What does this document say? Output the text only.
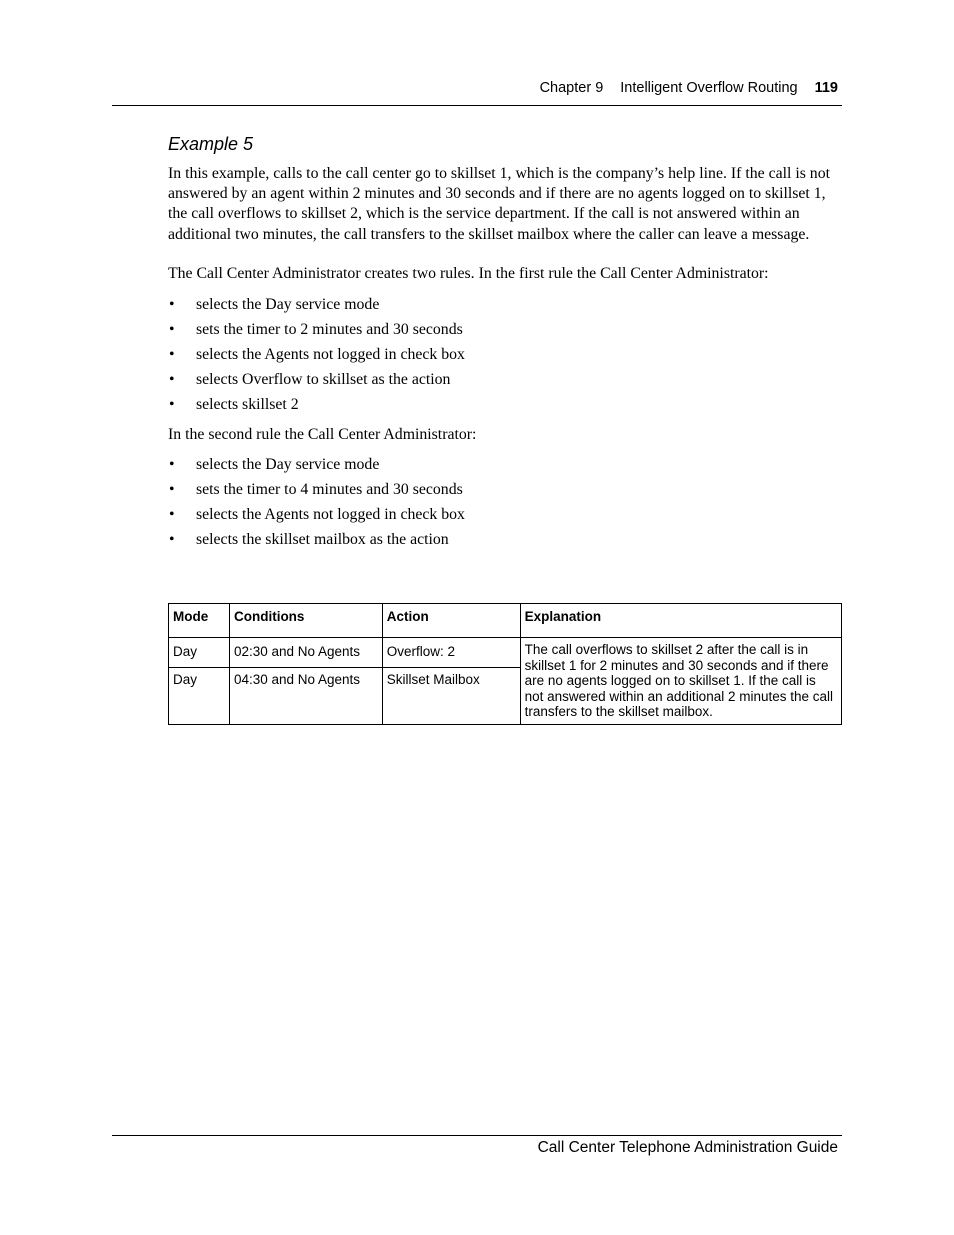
Chapter 9 Intelligent Overflow Routing 119
Example 5

In this example, calls to the call center go to skillset 1, which is the company’s help line. If the call is not answered by an agent within 2 minutes and 30 seconds and if there are no agents logged on to skillset 1, the call overflows to skillset 2, which is the service department. If the call is not answered within an additional two minutes, the call transfers to the skillset mailbox where the caller can leave a message.

The Call Center Administrator creates two rules. In the first rule the Call Center Administrator:

• selects the Day service mode
• sets the timer to 2 minutes and 30 seconds
• selects the Agents not logged in check box
• selects Overflow to skillset as the action
• selects skillset 2

In the second rule the Call Center Administrator:

• selects the Day service mode
• sets the timer to 4 minutes and 30 seconds
• selects the Agents not logged in check box
• selects the skillset mailbox as the action
Mode	Conditions	Action	Explanation
Day	02:30 and No Agents	Overflow: 2	The call overflows to skillset 2 after the call is in skillset 1 for 2 minutes and 30 seconds and if there are no agents logged on to skillset 1. If the call is not answered within an additional 2 minutes the call transfers to the skillset mailbox.
Day	04:30 and No Agents	Skillset Mailbox	
Call Center Telephone Administration Guide
